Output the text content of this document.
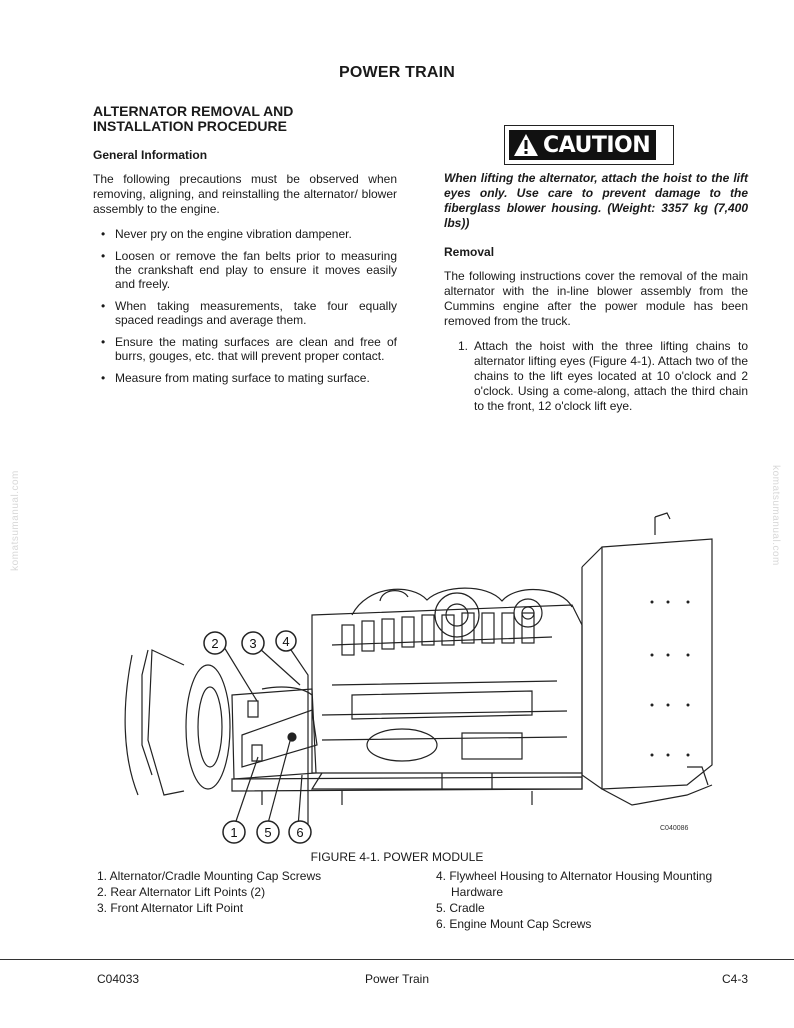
POWER TRAIN
ALTERNATOR REMOVAL AND
INSTALLATION PROCEDURE
General Information

The following precautions must be observed when removing, aligning, and reinstalling the alternator/ blower assembly to the engine.

• Never pry on the engine vibration dampener.
• Loosen or remove the fan belts prior to measuring the crankshaft end play to ensure it moves easily and freely.
• When taking measurements, take four equally spaced readings and average them.
• Ensure the mating surfaces are clean and free of burrs, gouges, etc. that will prevent proper contact.
• Measure from mating surface to mating surface.
CAUTION

When lifting the alternator, attach the hoist to the lift eyes only. Use care to prevent damage to the fiberglass blower housing. (Weight: 3357 kg (7,400 lbs))

Removal

The following instructions cover the removal of the main alternator with the in-line blower assembly from the Cummins engine after the power module has been removed from the truck.

1. Attach the hoist with the three lifting chains to alternator lifting eyes (Figure 4-1). Attach two of the chains to the lift eyes located at 10 o'clock and 2 o'clock. Using a come-along, attach the third chain to the front, 12 o'clock lift eye.
komatsumanual.com	komatsumanual.com
2 3 4
1 5 6	C040086
FIGURE 4-1. POWER MODULE
1. Alternator/Cradle Mounting Cap Screws
2. Rear Alternator Lift Points (2)
3. Front Alternator Lift Point
4. Flywheel Housing to Alternator Housing Mounting
Hardware
5. Cradle
6. Engine Mount Cap Screws
C04033	Power Train	C4-3
